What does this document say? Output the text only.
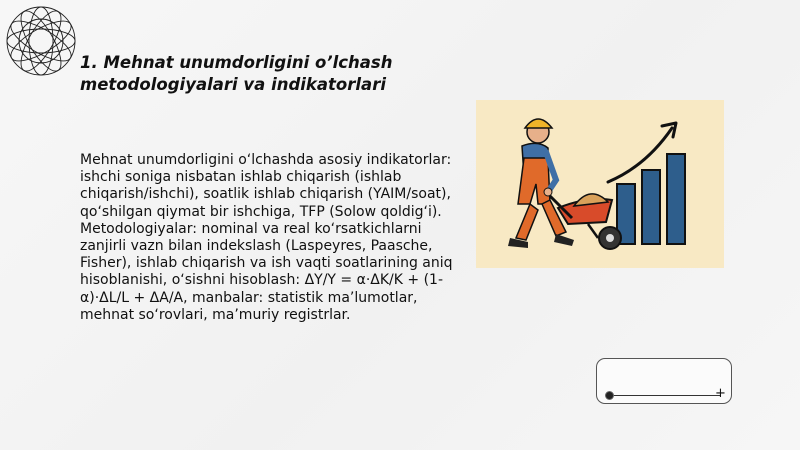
1. Mehnat unumdorligini o’lchash metodologiyalari va indikatorlari
Mehnat unumdorligini o‘lchashda asosiy indikatorlar: ishchi soniga nisbatan ishlab chiqarish (ishlab chiqarish/ishchi), soatlik ishlab chiqarish (YAIM/soat), qo‘shilgan qiymat bir ishchiga, TFP (Solow qoldig‘i). Metodologiyalar: nominal va real ko‘rsatkichlarni zanjirli vazn bilan indekslash (Laspeyres, Paasche, Fisher), ishlab chiqarish va ish vaqti soatlarining aniq hisoblanishi, o‘sishni hisoblash: ΔY/Y = α·ΔK/K + (1-α)·ΔL/L + ΔA/A, manbalar: statistik ma’lumotlar, mehnat so‘rovlari, ma’muriy registrlar.
+
